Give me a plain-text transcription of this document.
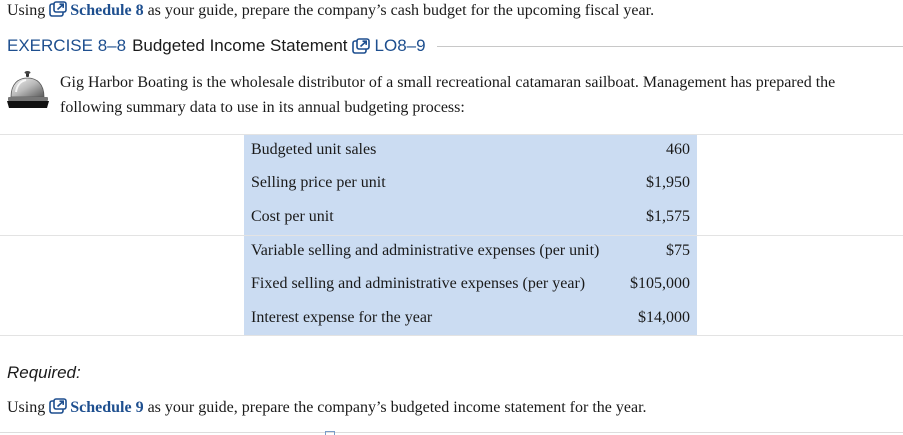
Using Schedule 8 as your guide, prepare the company’s cash budget for the upcoming fiscal year.
EXERCISE 8–8 Budgeted Income Statement LO8–9
Gig Harbor Boating is the wholesale distributor of a small recreational catamaran sailboat. Management has prepared the following summary data to use in its annual budgeting process:
Budgeted unit sales	460
Selling price per unit	$1,950
Cost per unit	$1,575
Variable selling and administrative expenses (per unit)	$75
Fixed selling and administrative expenses (per year)	$105,000
Interest expense for the year	$14,000
Required:
Using Schedule 9 as your guide, prepare the company’s budgeted income statement for the year.
